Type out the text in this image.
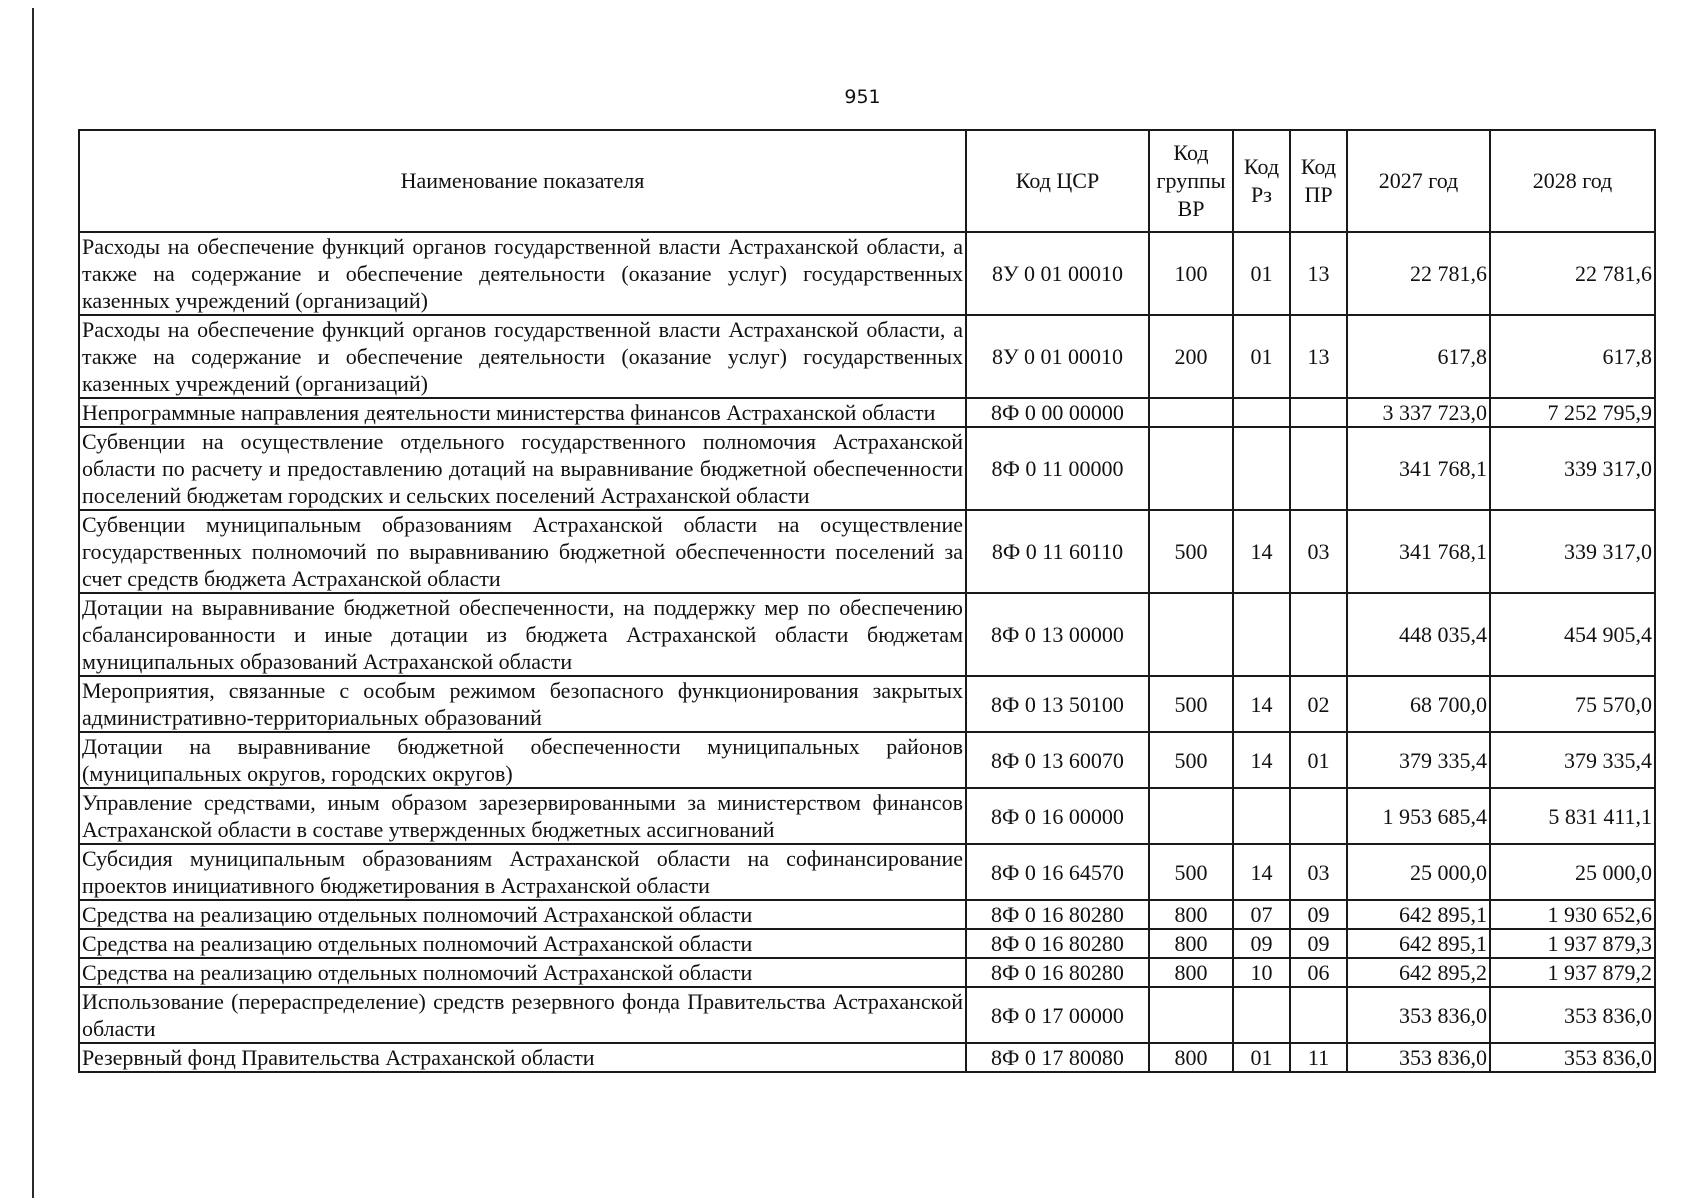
951
Наименование показателя	Код ЦСР	Код группы ВР	Код Рз	Код ПР	2027 год	2028 год
Расходы на обеспечение функций органов государственной власти Астраханской области, а также на содержание и обеспечение деятельности (оказание услуг) государственных казенных учреждений (организаций)	8У 0 01 00010	100	01	13	22 781,6	22 781,6
Расходы на обеспечение функций органов государственной власти Астраханской области, а также на содержание и обеспечение деятельности (оказание услуг) государственных казенных учреждений (организаций)	8У 0 01 00010	200	01	13	617,8	617,8
Непрограммные направления деятельности министерства финансов Астраханской области	8Ф 0 00 00000				3 337 723,0	7 252 795,9
Субвенции на осуществление отдельного государственного полномочия Астраханской области по расчету и предоставлению дотаций на выравнивание бюджетной обеспеченности поселений бюджетам городских и сельских поселений Астраханской области	8Ф 0 11 00000				341 768,1	339 317,0
Субвенции муниципальным образованиям Астраханской области на осуществление государственных полномочий по выравниванию бюджетной обеспеченности поселений за счет средств бюджета Астраханской области	8Ф 0 11 60110	500	14	03	341 768,1	339 317,0
Дотации на выравнивание бюджетной обеспеченности, на поддержку мер по обеспечению сбалансированности и иные дотации из бюджета Астраханской области бюджетам муниципальных образований Астраханской области	8Ф 0 13 00000				448 035,4	454 905,4
Мероприятия, связанные с особым режимом безопасного функционирования закрытых административно-территориальных образований	8Ф 0 13 50100	500	14	02	68 700,0	75 570,0
Дотации на выравнивание бюджетной обеспеченности муниципальных районов (муниципальных округов, городских округов)	8Ф 0 13 60070	500	14	01	379 335,4	379 335,4
Управление средствами, иным образом зарезервированными за министерством финансов Астраханской области в составе утвержденных бюджетных ассигнований	8Ф 0 16 00000				1 953 685,4	5 831 411,1
Субсидия муниципальным образованиям Астраханской области на софинансирование проектов инициативного бюджетирования в Астраханской области	8Ф 0 16 64570	500	14	03	25 000,0	25 000,0
Средства на реализацию отдельных полномочий Астраханской области	8Ф 0 16 80280	800	07	09	642 895,1	1 930 652,6
Средства на реализацию отдельных полномочий Астраханской области	8Ф 0 16 80280	800	09	09	642 895,1	1 937 879,3
Средства на реализацию отдельных полномочий Астраханской области	8Ф 0 16 80280	800	10	06	642 895,2	1 937 879,2
Использование (перераспределение) средств резервного фонда Правительства Астраханской области	8Ф 0 17 00000				353 836,0	353 836,0
Резервный фонд Правительства Астраханской области	8Ф 0 17 80080	800	01	11	353 836,0	353 836,0
